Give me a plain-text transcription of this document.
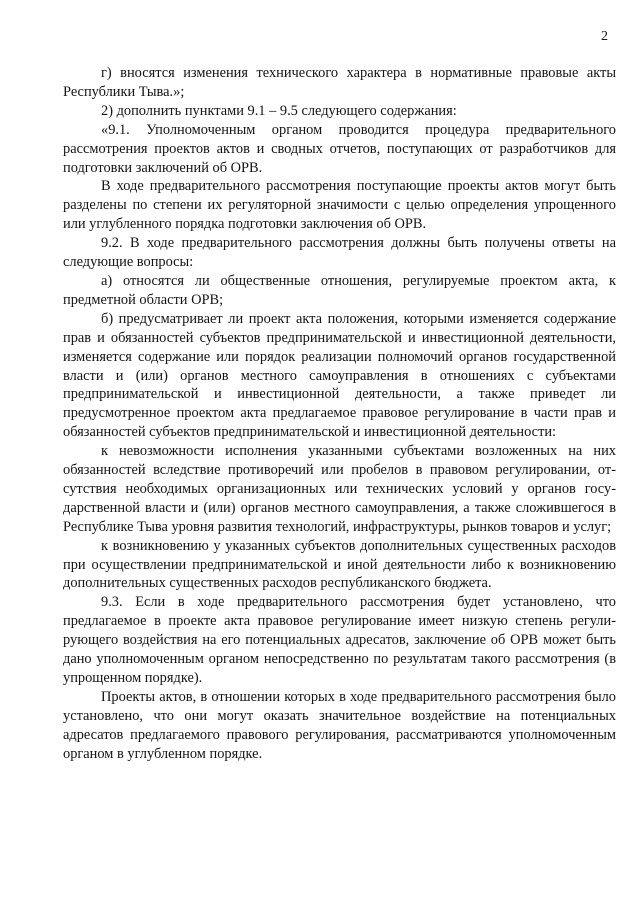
2

г) вносятся изменения технического характера в нормативные правовые акты Республики Тыва.»;

2) дополнить пунктами 9.1 – 9.5 следующего содержания:

«9.1. Уполномоченным органом проводится процедура предварительного рассмотрения проектов актов и сводных отчетов, поступающих от разработчиков для подготовки заключений об ОРВ.

В ходе предварительного рассмотрения поступающие проекты актов могут быть разделены по степени их регуляторной значимости с целью определения упрощенного или углубленного порядка подготовки заключения об ОРВ.

9.2. В ходе предварительного рассмотрения должны быть получены ответы на следующие вопросы:

а) относятся ли общественные отношения, регулируемые проектом акта, к предметной области ОРВ;

б) предусматривает ли проект акта положения, которыми изменяется содержание прав и обязанностей субъектов предпринимательской и инвестиционной деятельности, изменяется содержание или порядок реализации полномочий органов государственной власти и (или) органов местного самоуправления в отношениях с субъектами предпринимательской и инвестиционной деятельности, а также приведет ли предусмотренное проектом акта предлагаемое правовое регулирование в части прав и обязанностей субъектов предпринимательской и инвестиционной деятельности:

к невозможности исполнения указанными субъектами возложенных на них обязанностей вследствие противоречий или пробелов в правовом регулировании, отсутствия необходимых организационных или технических условий у органов государственной власти и (или) органов местного самоуправления, а также сложившегося в Республике Тыва уровня развития технологий, инфраструктуры, рынков товаров и услуг;

к возникновению у указанных субъектов дополнительных существенных расходов при осуществлении предпринимательской и иной деятельности либо к возникновению дополнительных существенных расходов республиканского бюджета.

9.3. Если в ходе предварительного рассмотрения будет установлено, что предлагаемое в проекте акта правовое регулирование имеет низкую степень регулирующего воздействия на его потенциальных адресатов, заключение об ОРВ может быть дано уполномоченным органом непосредственно по результатам такого рассмотрения (в упрощенном порядке).

Проекты актов, в отношении которых в ходе предварительного рассмотрения было установлено, что они могут оказать значительное воздействие на потенциальных адресатов предлагаемого правового регулирования, рассматриваются уполномоченным органом в углубленном порядке.
